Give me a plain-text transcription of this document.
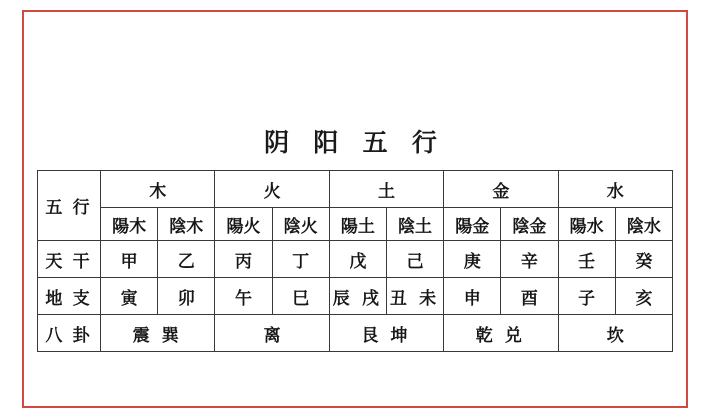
阴 阳 五 行
五 行	木		火		土		金		水	
	陽木	陰木	陽火	陰火	陽土	陰土	陽金	陰金	陽水	陰水
天 干	甲	乙	丙	丁	戊	己	庚	辛	壬	癸
地 支	寅	卯	午	巳	辰 戌	丑 未	申	酉	子	亥
八 卦	震 巽		离		艮 坤		乾 兑		坎	
